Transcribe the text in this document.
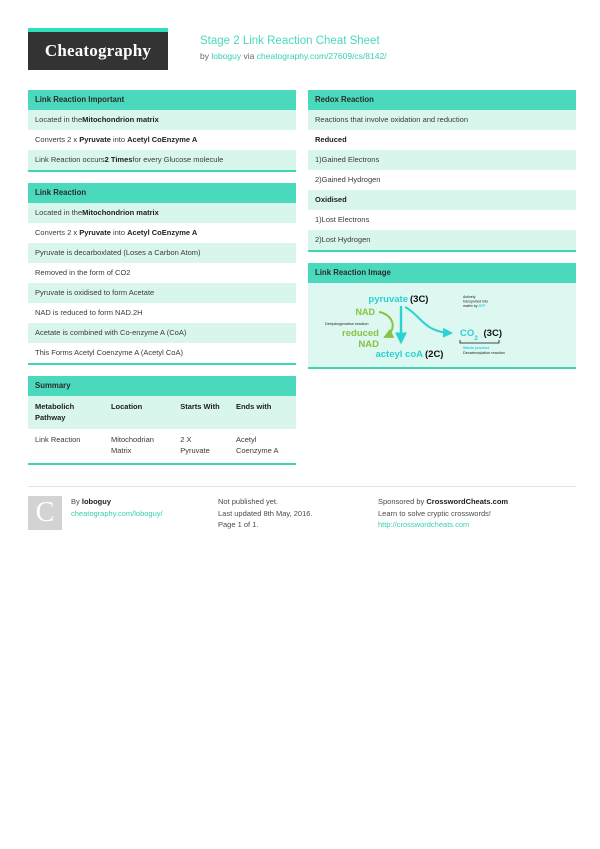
Cheatography	Stage 2 Link Reaction Cheat Sheet
by loboguy via cheatography.com/27609/cs/8142/
Link Reaction Important
Located in theMitochondrion matrix
Converts 2 x Pyruvate into Acetyl CoEnzyme A
Link Reaction occurs2 Timesfor every Glucose molecule
Link Reaction
Located in theMitochondrion matrix
Converts 2 x Pyruvate into Acetyl CoEnzyme A
Pyruvate is decarboxlated (Loses a Carbon Atom)
Removed in the form of CO2
Pyruvate is oxidised to form Acetate
NAD is reduced to form NAD.2H
Acetate is combined with Co-enzyme A (CoA)
This Forms Acetyl Coenzyme A (Acetyl CoA)
Summary
Metabolich Pathway	Location	Starts With	Ends with
Link Reaction	Mitochodrian Matrix	2 X Pyruvate	Acetyl Coenzyme A
Redox Reaction
Reactions that involve oxidation and reduction
Reduced
1)Gained Electrons
2)Gained Hydrogen
Oxidised
1)Lost Electrons
2)Lost Hydrogen
Link Reaction Image
pyruvate (3C)
NAD
reduced
NAD
acteyl coA (2C)
$CO_2$ (3C)
Actively
transported into
matrix by ATP
Dehydrogenation reaction
Waste product
Decarboxylation reaction
C	By loboguy
cheatography.com/loboguy/
Not published yet.
Last updated 8th May, 2016.
Page 1 of 1.
Sponsored by CrosswordCheats.com
Learn to solve cryptic crosswords!
http://crosswordcheats.com
